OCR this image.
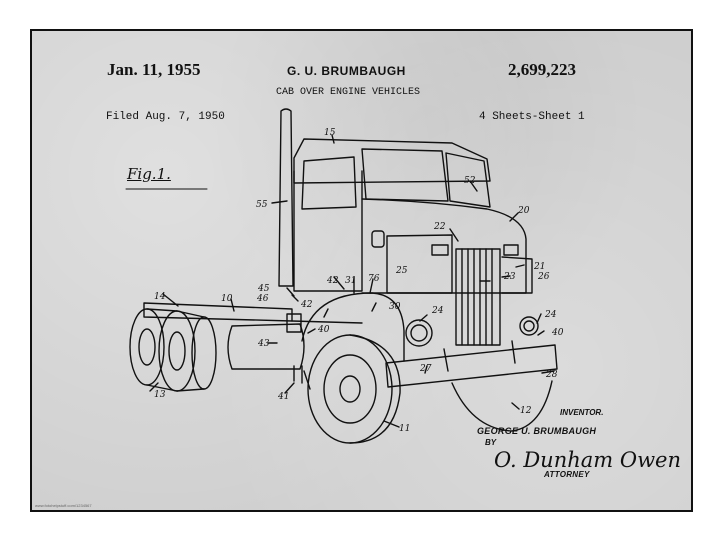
Jan. 11, 1955	G. U. BRUMBAUGH	2,699,223
CAB OVER ENGINE VEHICLES
Filed Aug. 7, 1950	4 Sheets-Sheet 1
Fig.1.
15
55
22
52
20
21
26
23
25
42 31 76
45
46
10
14
42	30	24
40
43
41
13
27
24
40
28
12
11
O. Dunham Owen
INVENTOR.
GEORGE U. BRUMBAUGH
BY
ATTORNEY
www.fotohelpstuff.com/1234567
